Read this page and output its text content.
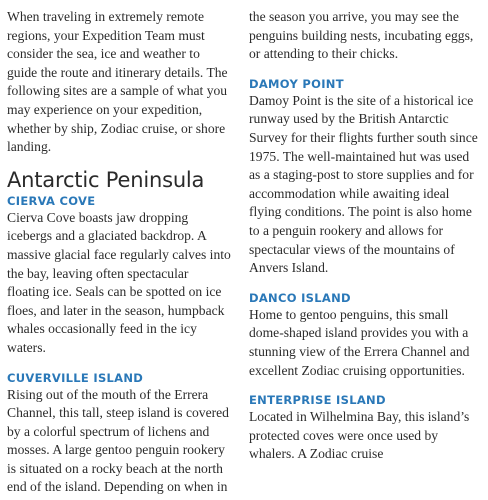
When traveling in extremely remote regions, your Expedition Team must consider the sea, ice and weather to guide the route and itinerary details. The following sites are a sample of what you may experience on your expedition, whether by ship, Zodiac cruise, or shore landing.

Antarctic Peninsula
CIERVA COVE

Cierva Cove boasts jaw dropping icebergs and a glaciated backdrop. A massive glacial face regularly calves into the bay, leaving often spectacular floating ice. Seals can be spotted on ice floes, and later in the season, humpback whales occasionally feed in the icy waters.

CUVERVILLE ISLAND

Rising out of the mouth of the Errera Channel, this tall, steep island is covered by a colorful spectrum of lichens and mosses. A large gentoo penguin rookery is situated on a rocky beach at the north end of the island. Depending on when in

the season you arrive, you may see the penguins building nests, incubating eggs, or attending to their chicks.

DAMOY POINT

Damoy Point is the site of a historical ice runway used by the British Antarctic Survey for their flights further south since 1975. The well-maintained hut was used as a staging-post to store supplies and for accommodation while awaiting ideal flying conditions. The point is also home to a penguin rookery and allows for spectacular views of the mountains of Anvers Island.

DANCO ISLAND

Home to gentoo penguins, this small dome-shaped island provides you with a stunning view of the Errera Channel and excellent Zodiac cruising opportunities.

ENTERPRISE ISLAND

Located in Wilhelmina Bay, this island’s protected coves were once used by whalers. A Zodiac cruise
